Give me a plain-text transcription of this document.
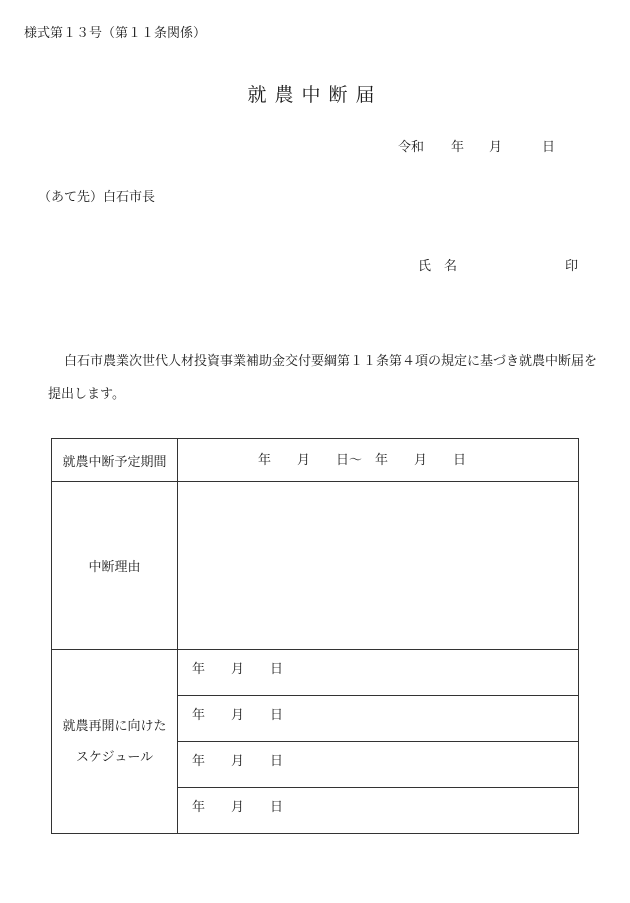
様式第１３号（第１１条関係）
就農中断届
令和 年 月	日
（あて先）白石市長
氏　名	印
白石市農業次世代人材投資事業補助金交付要綱第１１条第４項の規定に基づき就農中断届を
提出します。
就農中断予定期間	年　　月　　日～　年　　月　　日

中断理由	

就農再開に向けた
スケジュール	年　　月　　日

	年　　月　　日

	年　　月　　日

	年　　月　　日
